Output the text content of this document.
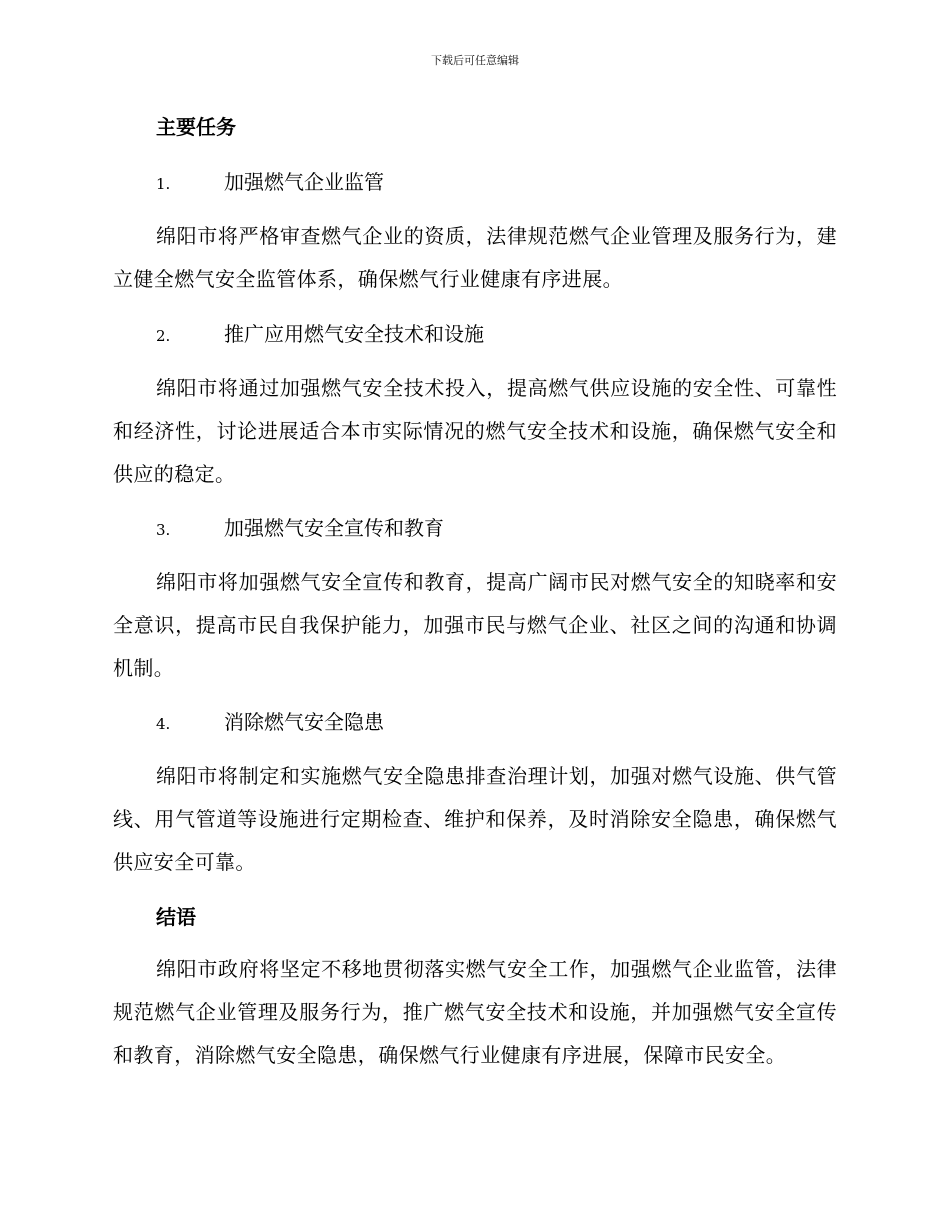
下载后可任意编辑
主要任务
1.	加强燃气企业监管
绵阳市将严格审查燃气企业的资质，法律规范燃气企业管理及服务行为，建立健全燃气安全监管体系，确保燃气行业健康有序进展。
2.	推广应用燃气安全技术和设施
绵阳市将通过加强燃气安全技术投入，提高燃气供应设施的安全性、可靠性和经济性，讨论进展适合本市实际情况的燃气安全技术和设施，确保燃气安全和供应的稳定。
3.	加强燃气安全宣传和教育
绵阳市将加强燃气安全宣传和教育，提高广阔市民对燃气安全的知晓率和安全意识，提高市民自我保护能力，加强市民与燃气企业、社区之间的沟通和协调机制。
4.	消除燃气安全隐患
绵阳市将制定和实施燃气安全隐患排查治理计划，加强对燃气设施、供气管线、用气管道等设施进行定期检查、维护和保养，及时消除安全隐患，确保燃气供应安全可靠。
结语
绵阳市政府将坚定不移地贯彻落实燃气安全工作，加强燃气企业监管，法律规范燃气企业管理及服务行为，推广燃气安全技术和设施，并加强燃气安全宣传和教育，消除燃气安全隐患，确保燃气行业健康有序进展，保障市民安全。
